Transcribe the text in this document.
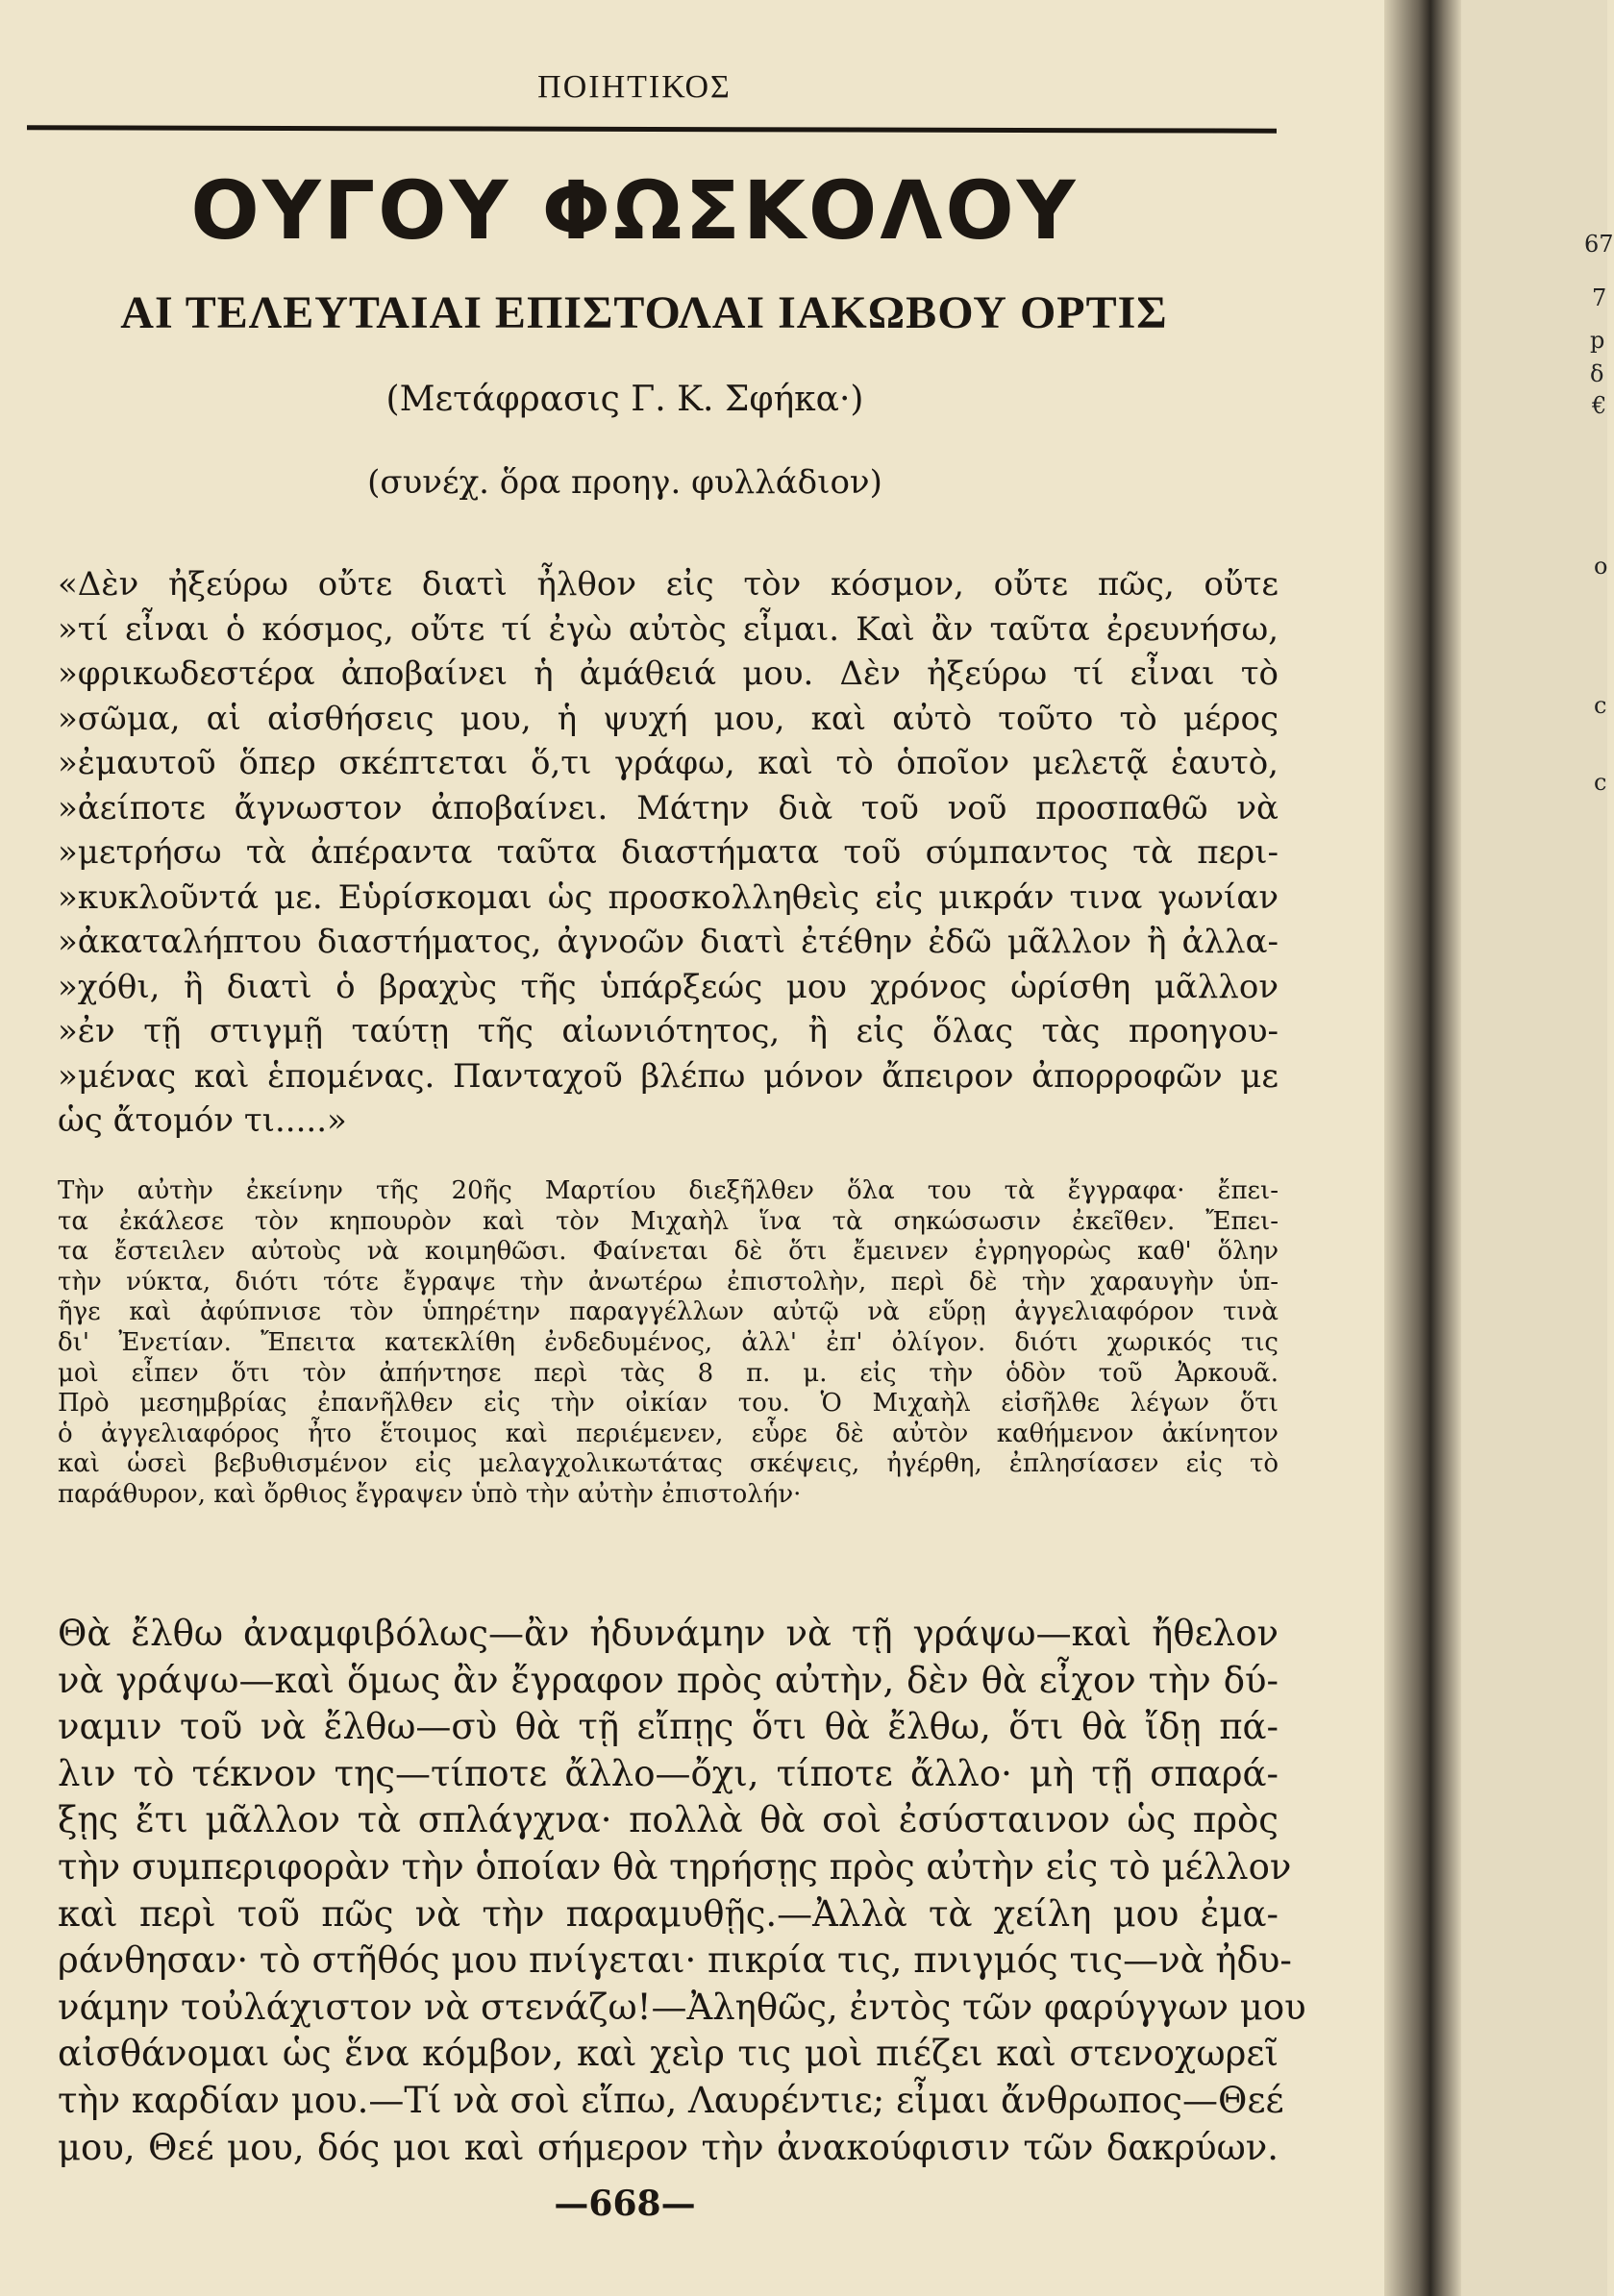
ΠΟΙΗΤΙΚΟΣ
ΟΥΓΟΥ ΦΩΣΚΟΛΟΥ
ΑΙ ΤΕΛΕΥΤΑΙΑΙ ΕΠΙΣΤΟΛΑΙ ΙΑΚΩΒΟΥ ΟΡΤΙΣ
(Μετάφρασις Γ. Κ. Σφήκα·)
(συνέχ. ὅρα προηγ. φυλλάδιον)
«Δὲν ἠξεύρω οὔτε διατὶ ἦλθον εἰς τὸν κόσμον, οὔτε πῶς, οὔτε
»τί εἶναι ὁ κόσμος, οὔτε τί ἐγὼ αὐτὸς εἶμαι. Καὶ ἂν ταῦτα ἐρευνήσω,
»φρικωδεστέρα ἀποβαίνει ἡ ἀμάθειά μου. Δὲν ἠξεύρω τί εἶναι τὸ
»σῶμα, αἱ αἰσθήσεις μου, ἡ ψυχή μου, καὶ αὐτὸ τοῦτο τὸ μέρος
»ἐμαυτοῦ ὅπερ σκέπτεται ὅ,τι γράφω, καὶ τὸ ὁποῖον μελετᾷ ἑαυτὸ,
»ἀείποτε ἄγνωστον ἀποβαίνει. Μάτην διὰ τοῦ νοῦ προσπαθῶ νὰ
»μετρήσω τὰ ἀπέραντα ταῦτα διαστήματα τοῦ σύμπαντος τὰ περι-
»κυκλοῦντά με. Εὑρίσκομαι ὡς προσκολληθεὶς εἰς μικράν τινα γωνίαν
»ἀκαταλήπτου διαστήματος, ἀγνοῶν διατὶ ἐτέθην ἐδῶ μᾶλλον ἢ ἀλλα-
»χόθι, ἢ διατὶ ὁ βραχὺς τῆς ὑπάρξεώς μου χρόνος ὡρίσθη μᾶλλον
»ἐν τῇ στιγμῇ ταύτῃ τῆς αἰωνιότητος, ἢ εἰς ὅλας τὰς προηγου-
»μένας καὶ ἑπομένας. Πανταχοῦ βλέπω μόνον ἄπειρον ἀπορροφῶν με
ὡς ἄτομόν τι.....»
Τὴν αὐτὴν ἐκείνην τῆς 20ῆς Μαρτίου διεξῆλθεν ὅλα του τὰ ἔγγραφα· ἔπει-
τα ἐκάλεσε τὸν κηπουρὸν καὶ τὸν Μιχαὴλ ἵνα τὰ σηκώσωσιν ἐκεῖθεν. Ἔπει-
τα ἔστειλεν αὐτοὺς νὰ κοιμηθῶσι. Φαίνεται δὲ ὅτι ἔμεινεν ἐγρηγορὼς καθ' ὅλην
τὴν νύκτα, διότι τότε ἔγραψε τὴν ἀνωτέρω ἐπιστολὴν, περὶ δὲ τὴν χαραυγὴν ὑπ-
ῆγε καὶ ἀφύπνισε τὸν ὑπηρέτην παραγγέλλων αὐτῷ νὰ εὕρῃ ἀγγελιαφόρον τινὰ
δι' Ἐνετίαν. Ἔπειτα κατεκλίθη ἐνδεδυμένος, ἀλλ' ἐπ' ὀλίγον. διότι χωρικός τις
μοὶ εἶπεν ὅτι τὸν ἀπήντησε περὶ τὰς 8 π. μ. εἰς τὴν ὁδὸν τοῦ Ἀρκουᾶ.
Πρὸ μεσημβρίας ἐπανῆλθεν εἰς τὴν οἰκίαν του. Ὁ Μιχαὴλ εἰσῆλθε λέγων ὅτι
ὁ ἀγγελιαφόρος ἦτο ἕτοιμος καὶ περιέμενεν, εὗρε δὲ αὐτὸν καθήμενον ἀκίνητον
καὶ ὡσεὶ βεβυθισμένον εἰς μελαγχολικωτάτας σκέψεις, ἠγέρθη, ἐπλησίασεν εἰς τὸ
παράθυρον, καὶ ὄρθιος ἔγραψεν ὑπὸ τὴν αὐτὴν ἐπιστολήν·
Θὰ ἔλθω ἀναμφιβόλως—ἂν ἠδυνάμην νὰ τῇ γράψω—καὶ ἤθελον
νὰ γράψω—καὶ ὅμως ἂν ἔγραφον πρὸς αὐτὴν, δὲν θὰ εἶχον τὴν δύ-
ναμιν τοῦ νὰ ἔλθω—σὺ θὰ τῇ εἴπῃς ὅτι θὰ ἔλθω, ὅτι θὰ ἴδῃ πά-
λιν τὸ τέκνον της—τίποτε ἄλλο—ὄχι, τίποτε ἄλλο· μὴ τῇ σπαρά-
ξῃς ἔτι μᾶλλον τὰ σπλάγχνα· πολλὰ θὰ σοὶ ἐσύσταινον ὡς πρὸς
τὴν συμπεριφορὰν τὴν ὁποίαν θὰ τηρήσῃς πρὸς αὐτὴν εἰς τὸ μέλλον
καὶ περὶ τοῦ πῶς νὰ τὴν παραμυθῇς.—Ἀλλὰ τὰ χείλη μου ἐμα-
ράνθησαν· τὸ στῆθός μου πνίγεται· πικρία τις, πνιγμός τις—νὰ ἠδυ-
νάμην τοὐλάχιστον νὰ στενάζω!—Ἀληθῶς, ἐντὸς τῶν φαρύγγων μου
αἰσθάνομαι ὡς ἕνα κόμβον, καὶ χεὶρ τις μοὶ πιέζει καὶ στενοχωρεῖ
τὴν καρδίαν μου.—Τί νὰ σοὶ εἴπω, Λαυρέντιε; εἶμαι ἄνθρωπος—Θεέ
μου, Θεέ μου, δός μοι καὶ σήμερον τὴν ἀνακούφισιν τῶν δακρύων.
—668—
67
7
p
δ
€
o
c
c
